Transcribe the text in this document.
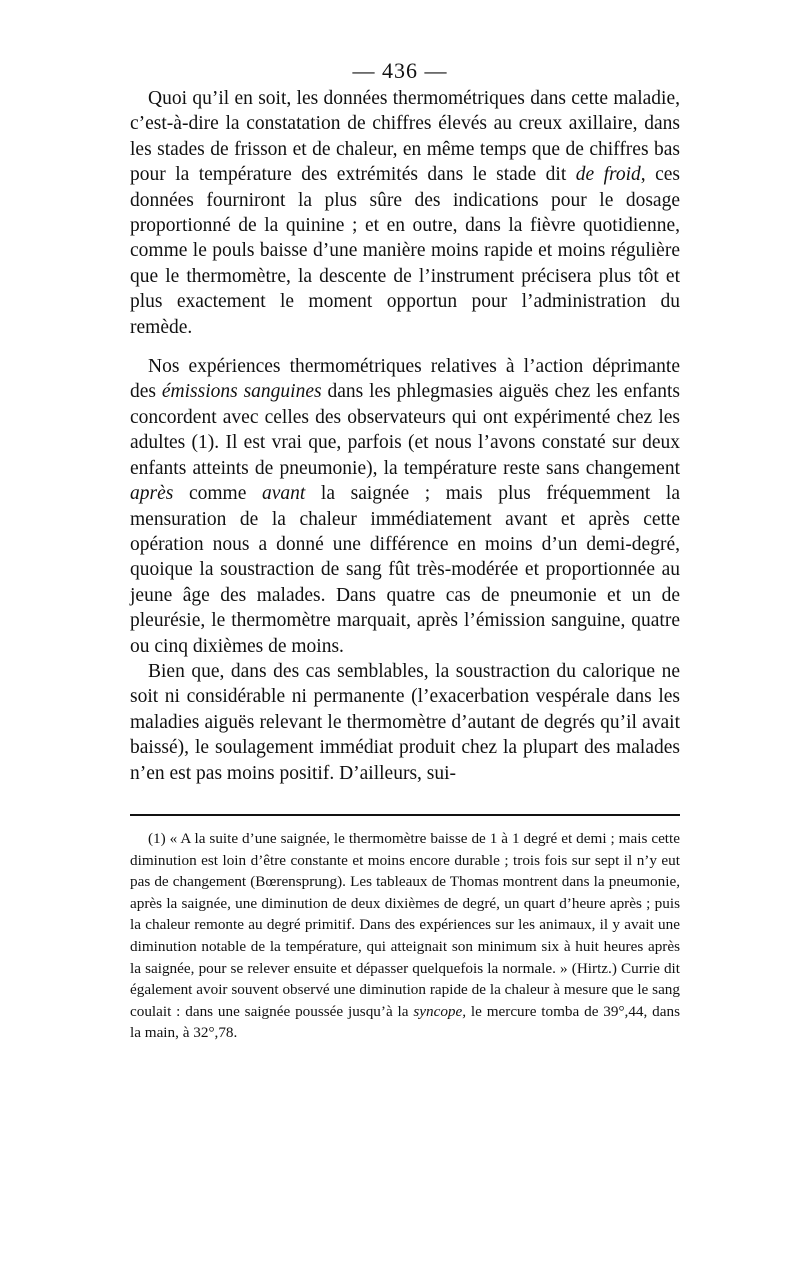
— 436 —

Quoi qu’il en soit, les données thermométriques dans cette maladie, c’est-à-dire la constatation de chiffres élevés au creux axillaire, dans les stades de frisson et de chaleur, en même temps que de chiffres bas pour la température des extrémités dans le stade dit de froid, ces données fourniront la plus sûre des indications pour le dosage proportionné de la quinine ; et en outre, dans la fièvre quotidienne, comme le pouls baisse d’une manière moins rapide et moins régulière que le thermomètre, la descente de l’instrument précisera plus tôt et plus exactement le moment opportun pour l’administration du remède.

Nos expériences thermométriques relatives à l’action déprimante des émissions sanguines dans les phlegmasies aiguës chez les enfants concordent avec celles des observateurs qui ont expérimenté chez les adultes (1). Il est vrai que, parfois (et nous l’avons constaté sur deux enfants atteints de pneumonie), la température reste sans changement après comme avant la saignée ; mais plus fréquemment la mensuration de la chaleur immédiatement avant et après cette opération nous a donné une différence en moins d’un demi-degré, quoique la soustraction de sang fût très-modérée et proportionnée au jeune âge des malades. Dans quatre cas de pneumonie et un de pleurésie, le thermomètre marquait, après l’émission sanguine, quatre ou cinq dixièmes de moins.

Bien que, dans des cas semblables, la soustraction du calorique ne soit ni considérable ni permanente (l’exacerbation vespérale dans les maladies aiguës relevant le thermomètre d’autant de degrés qu’il avait baissé), le soulagement immédiat produit chez la plupart des malades n’en est pas moins positif. D’ailleurs, sui-

(1) « A la suite d’une saignée, le thermomètre baisse de 1 à 1 degré et demi ; mais cette diminution est loin d’être constante et moins encore durable ; trois fois sur sept il n’y eut pas de changement (Bœrensprung). Les tableaux de Thomas montrent dans la pneumonie, après la saignée, une diminution de deux dixièmes de degré, un quart d’heure après ; puis la chaleur remonte au degré primitif. Dans des expériences sur les animaux, il y avait une diminution notable de la température, qui atteignait son minimum six à huit heures après la saignée, pour se relever ensuite et dépasser quelquefois la normale. » (Hirtz.) Currie dit également avoir souvent observé une diminution rapide de la chaleur à mesure que le sang coulait : dans une saignée poussée jusqu’à la syncope, le mercure tomba de 39°,44, dans la main, à 32°,78.
